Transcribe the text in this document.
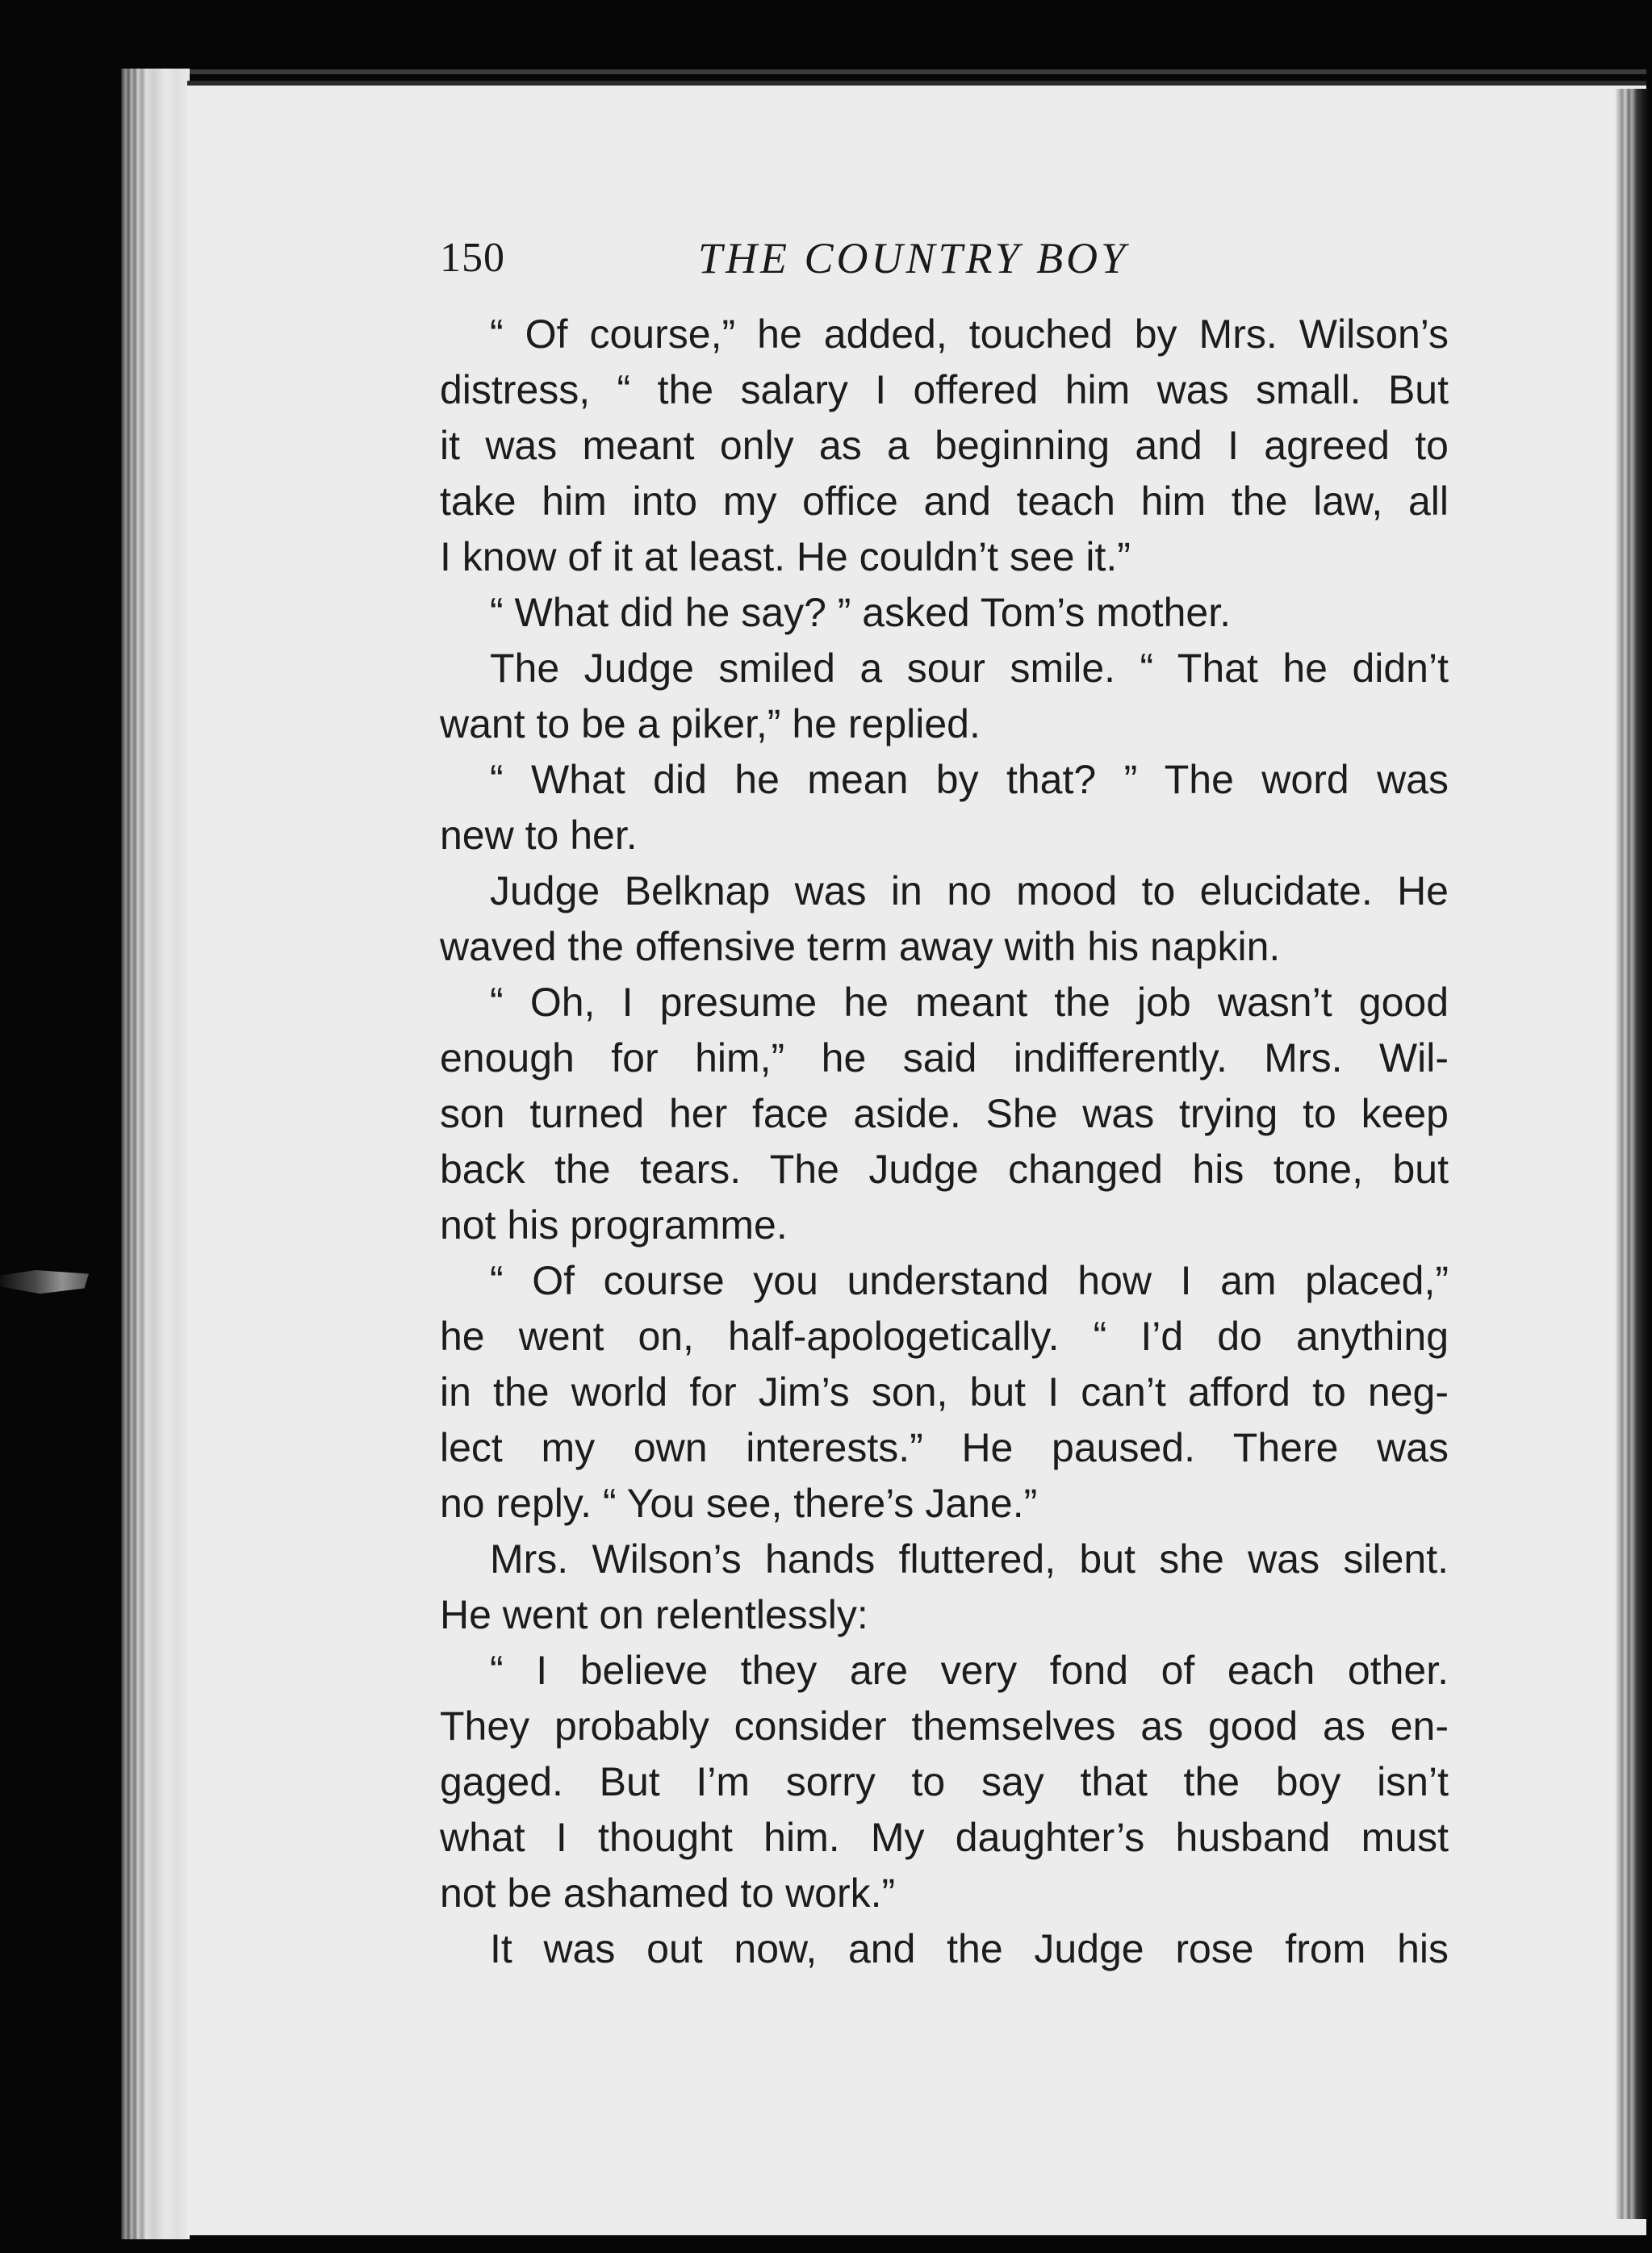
150	THE COUNTRY BOY
“ Of course,” he added, touched by Mrs. Wilson’s
distress, “ the salary I offered him was small. But
it was meant only as a beginning and I agreed to
take him into my office and teach him the law, all
I know of it at least. He couldn’t see it.”
“ What did he say? ” asked Tom’s mother.
The Judge smiled a sour smile. “ That he didn’t
want to be a piker,” he replied.
“ What did he mean by that? ” The word was
new to her.
Judge Belknap was in no mood to elucidate. He
waved the offensive term away with his napkin.
“ Oh, I presume he meant the job wasn’t good
enough for him,” he said indifferently. Mrs. Wil-
son turned her face aside. She was trying to keep
back the tears. The Judge changed his tone, but
not his programme.
“ Of course you understand how I am placed,”
he went on, half-apologetically. “ I’d do anything
in the world for Jim’s son, but I can’t afford to neg-
lect my own interests.” He paused. There was
no reply. “ You see, there’s Jane.”
Mrs. Wilson’s hands fluttered, but she was silent.
He went on relentlessly:
“ I believe they are very fond of each other.
They probably consider themselves as good as en-
gaged. But I’m sorry to say that the boy isn’t
what I thought him. My daughter’s husband must
not be ashamed to work.”
It was out now, and the Judge rose from his
